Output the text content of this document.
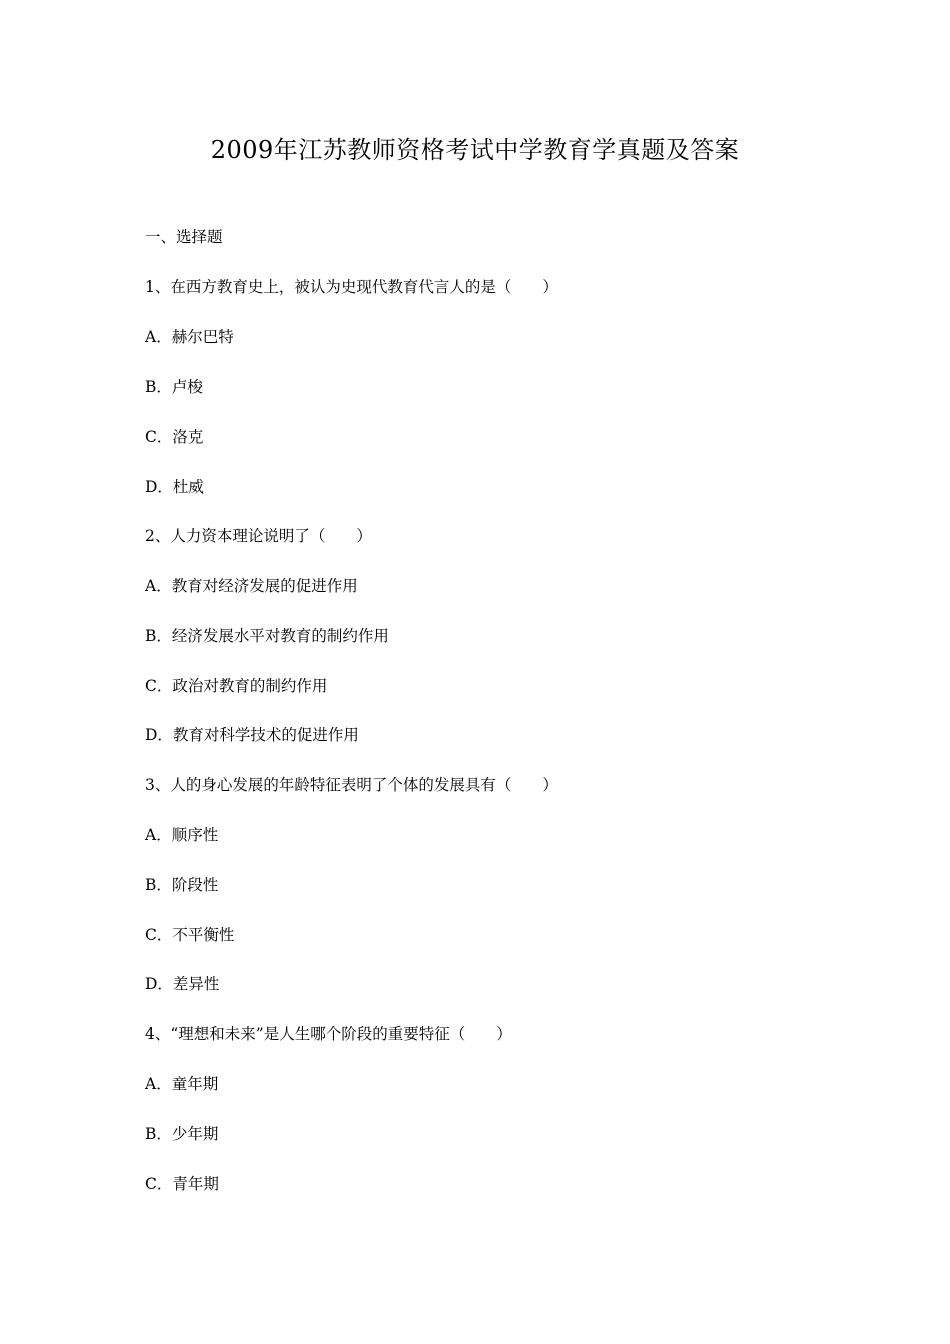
2009年江苏教师资格考试中学教育学真题及答案
一、选择题
1、在西方教育史上，被认为史现代教育代言人的是（　　）
A．赫尔巴特
B．卢梭
C．洛克
D．杜威
2、人力资本理论说明了（　　）
A．教育对经济发展的促进作用
B．经济发展水平对教育的制约作用
C．政治对教育的制约作用
D．教育对科学技术的促进作用
3、人的身心发展的年龄特征表明了个体的发展具有（　　）
A．顺序性
B．阶段性
C．不平衡性
D．差异性
4、“理想和未来”是人生哪个阶段的重要特征（　　）
A．童年期
B．少年期
C．青年期
